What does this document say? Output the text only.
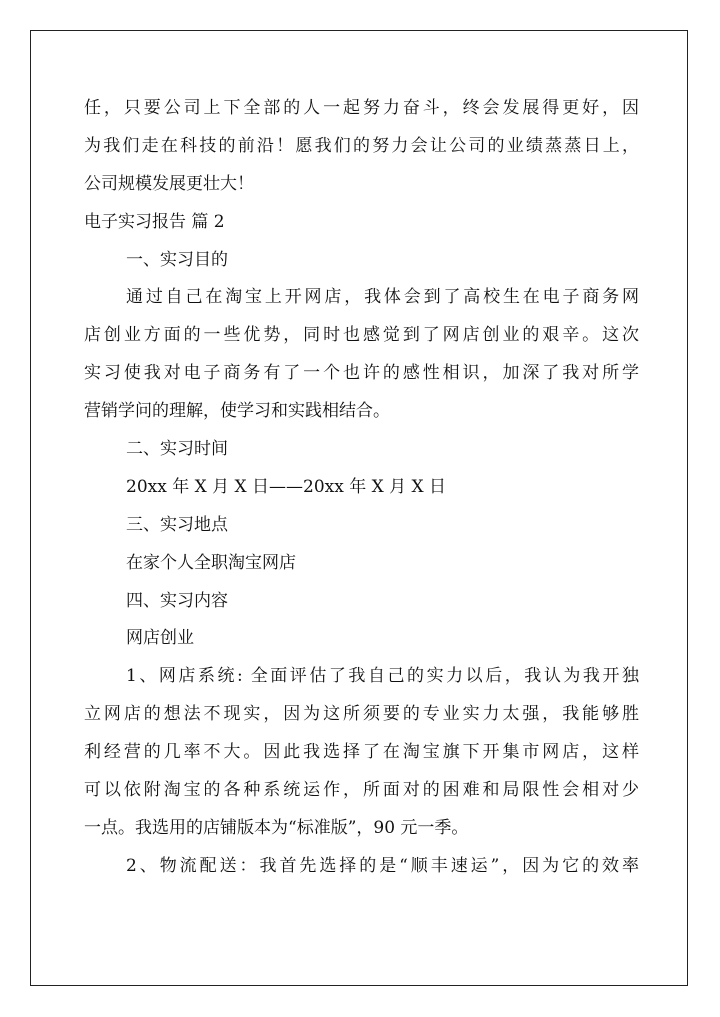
任，只要公司上下全部的人一起努力奋斗，终会发展得更好，因
为我们走在科技的前沿！愿我们的努力会让公司的业绩蒸蒸日上，
公司规模发展更壮大！
电子实习报告 篇 2
一、实习目的
通过自己在淘宝上开网店，我体会到了高校生在电子商务网
店创业方面的一些优势，同时也感觉到了网店创业的艰辛。这次
实习使我对电子商务有了一个也许的感性相识，加深了我对所学
营销学问的理解，使学习和实践相结合。
二、实习时间
20xx 年 X 月 X 日——20xx 年 X 月 X 日
三、实习地点
在家个人全职淘宝网店
四、实习内容
网店创业
1、网店系统: 全面评估了我自己的实力以后，我认为我开独
立网店的想法不现实，因为这所须要的专业实力太强，我能够胜
利经营的几率不大。因此我选择了在淘宝旗下开集市网店，这样
可以依附淘宝的各种系统运作，所面对的困难和局限性会相对少
一点。我选用的店铺版本为“标准版”，90 元一季。
2、物流配送：我首先选择的是“顺丰速运”，因为它的效率
